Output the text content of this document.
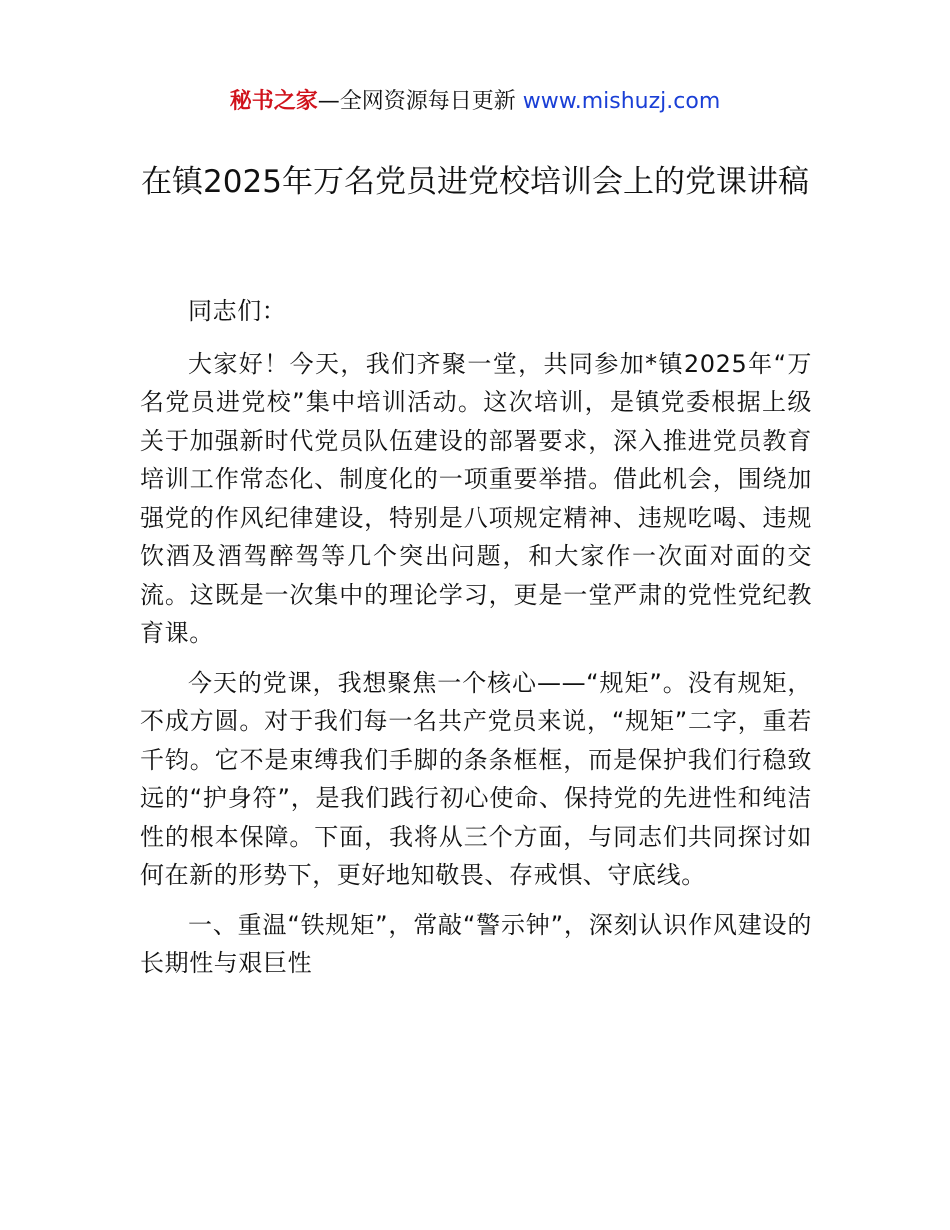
秘书之家—全网资源每日更新 www.mishuzj.com
在镇2025年万名党员进党校培训会上的党课讲稿

同志们：

大家好！今天，我们齐聚一堂，共同参加*镇2025年“万名党员进党校”集中培训活动。这次培训，是镇党委根据上级关于加强新时代党员队伍建设的部署要求，深入推进党员教育培训工作常态化、制度化的一项重要举措。借此机会，围绕加强党的作风纪律建设，特别是八项规定精神、违规吃喝、违规饮酒及酒驾醉驾等几个突出问题，和大家作一次面对面的交流。这既是一次集中的理论学习，更是一堂严肃的党性党纪教育课。

今天的党课，我想聚焦一个核心——“规矩”。没有规矩，不成方圆。对于我们每一名共产党员来说，“规矩”二字，重若千钧。它不是束缚我们手脚的条条框框，而是保护我们行稳致远的“护身符”，是我们践行初心使命、保持党的先进性和纯洁性的根本保障。下面，我将从三个方面，与同志们共同探讨如何在新的形势下，更好地知敬畏、存戒惧、守底线。

一、重温“铁规矩”，常敲“警示钟”，深刻认识作风建设的长期性与艰巨性
